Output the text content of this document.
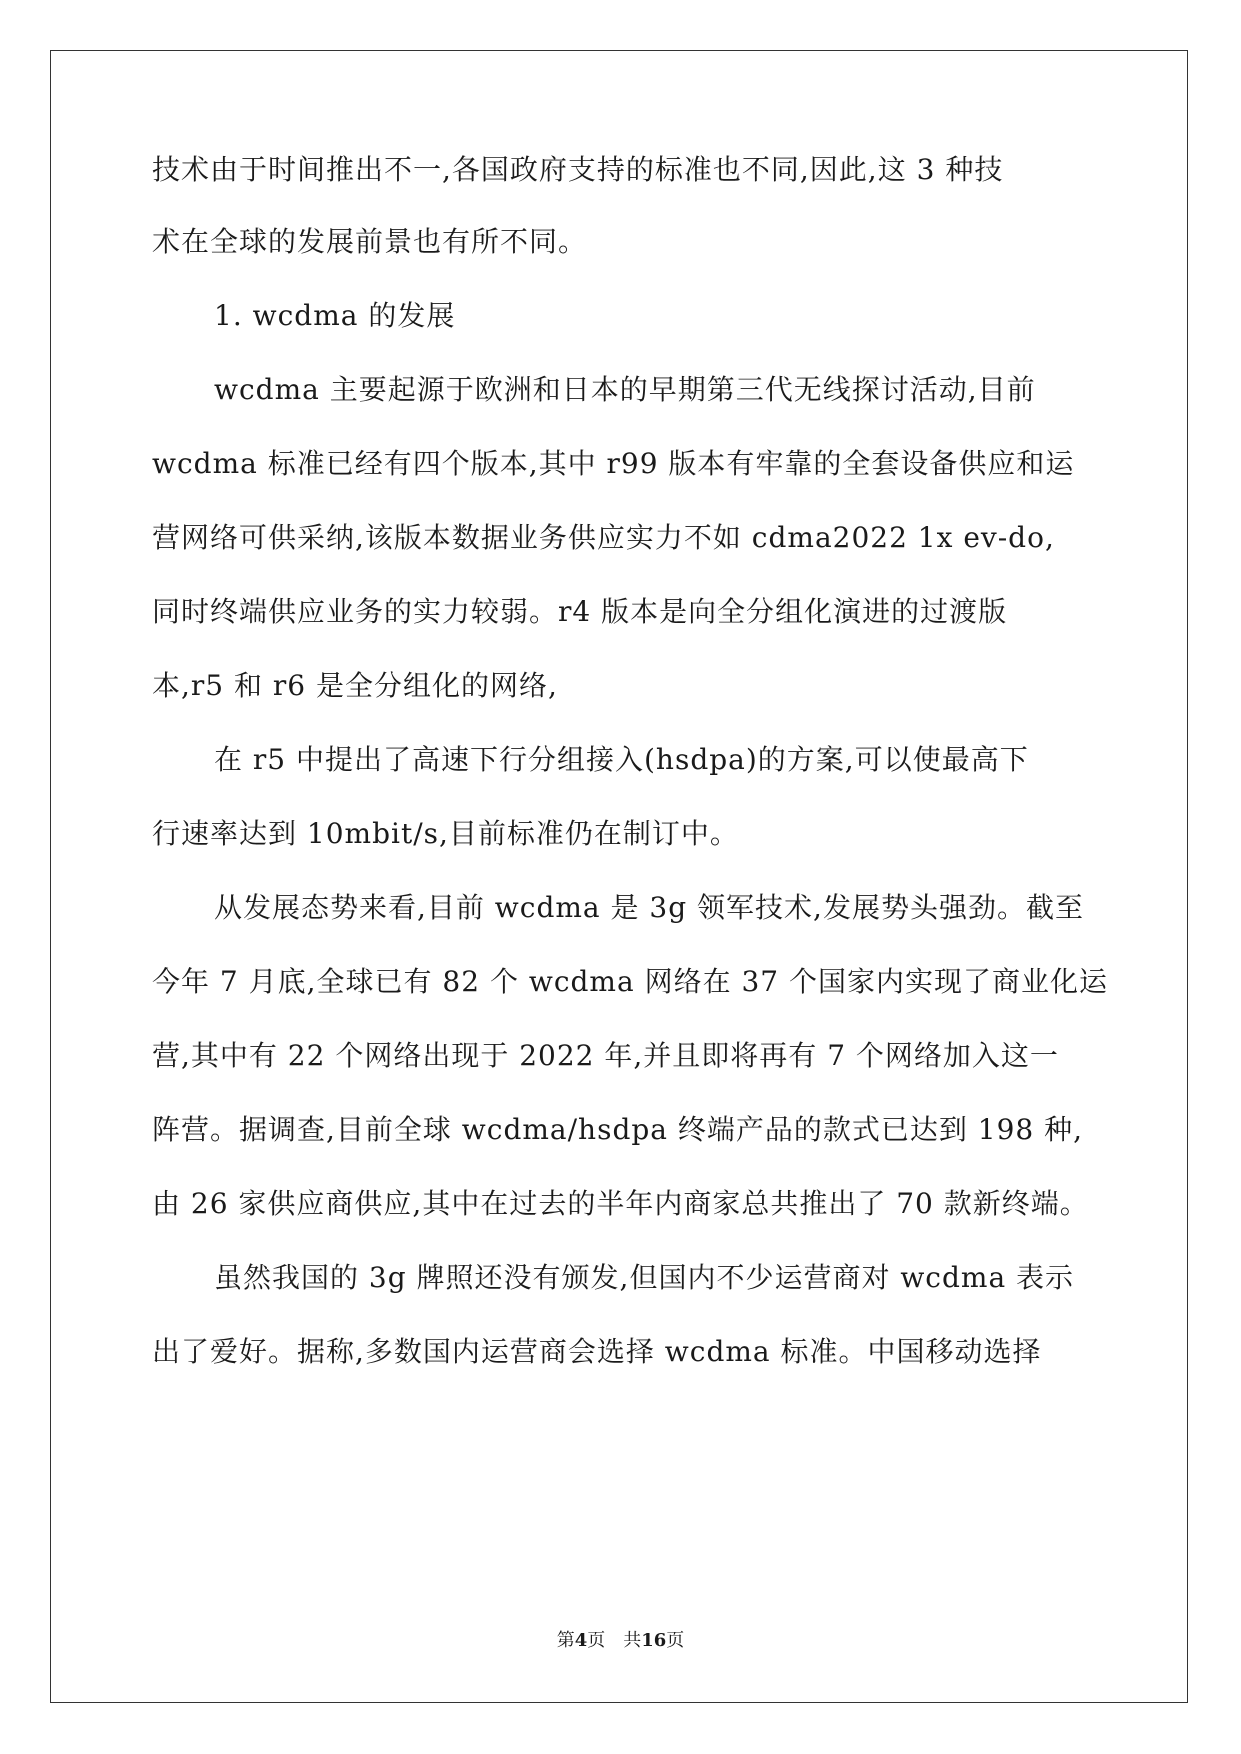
技术由于时间推出不一,各国政府支持的标准也不同,因此,这 3 种技
术在全球的发展前景也有所不同。
1. wcdma 的发展
wcdma 主要起源于欧洲和日本的早期第三代无线探讨活动,目前
wcdma 标准已经有四个版本,其中 r99 版本有牢靠的全套设备供应和运
营网络可供采纳,该版本数据业务供应实力不如 cdma2022 1x ev-do,
同时终端供应业务的实力较弱。r4 版本是向全分组化演进的过渡版
本,r5 和 r6 是全分组化的网络,
在 r5 中提出了高速下行分组接入(hsdpa)的方案,可以使最高下
行速率达到 10mbit/s,目前标准仍在制订中。
从发展态势来看,目前 wcdma 是 3g 领军技术,发展势头强劲。截至
今年 7 月底,全球已有 82 个 wcdma 网络在 37 个国家内实现了商业化运
营,其中有 22 个网络出现于 2022 年,并且即将再有 7 个网络加入这一
阵营。据调查,目前全球 wcdma/hsdpa 终端产品的款式已达到 198 种,
由 26 家供应商供应,其中在过去的半年内商家总共推出了 70 款新终端。
虽然我国的 3g 牌照还没有颁发,但国内不少运营商对 wcdma 表示
出了爱好。据称,多数国内运营商会选择 wcdma 标准。中国移动选择
第4页 共16页
